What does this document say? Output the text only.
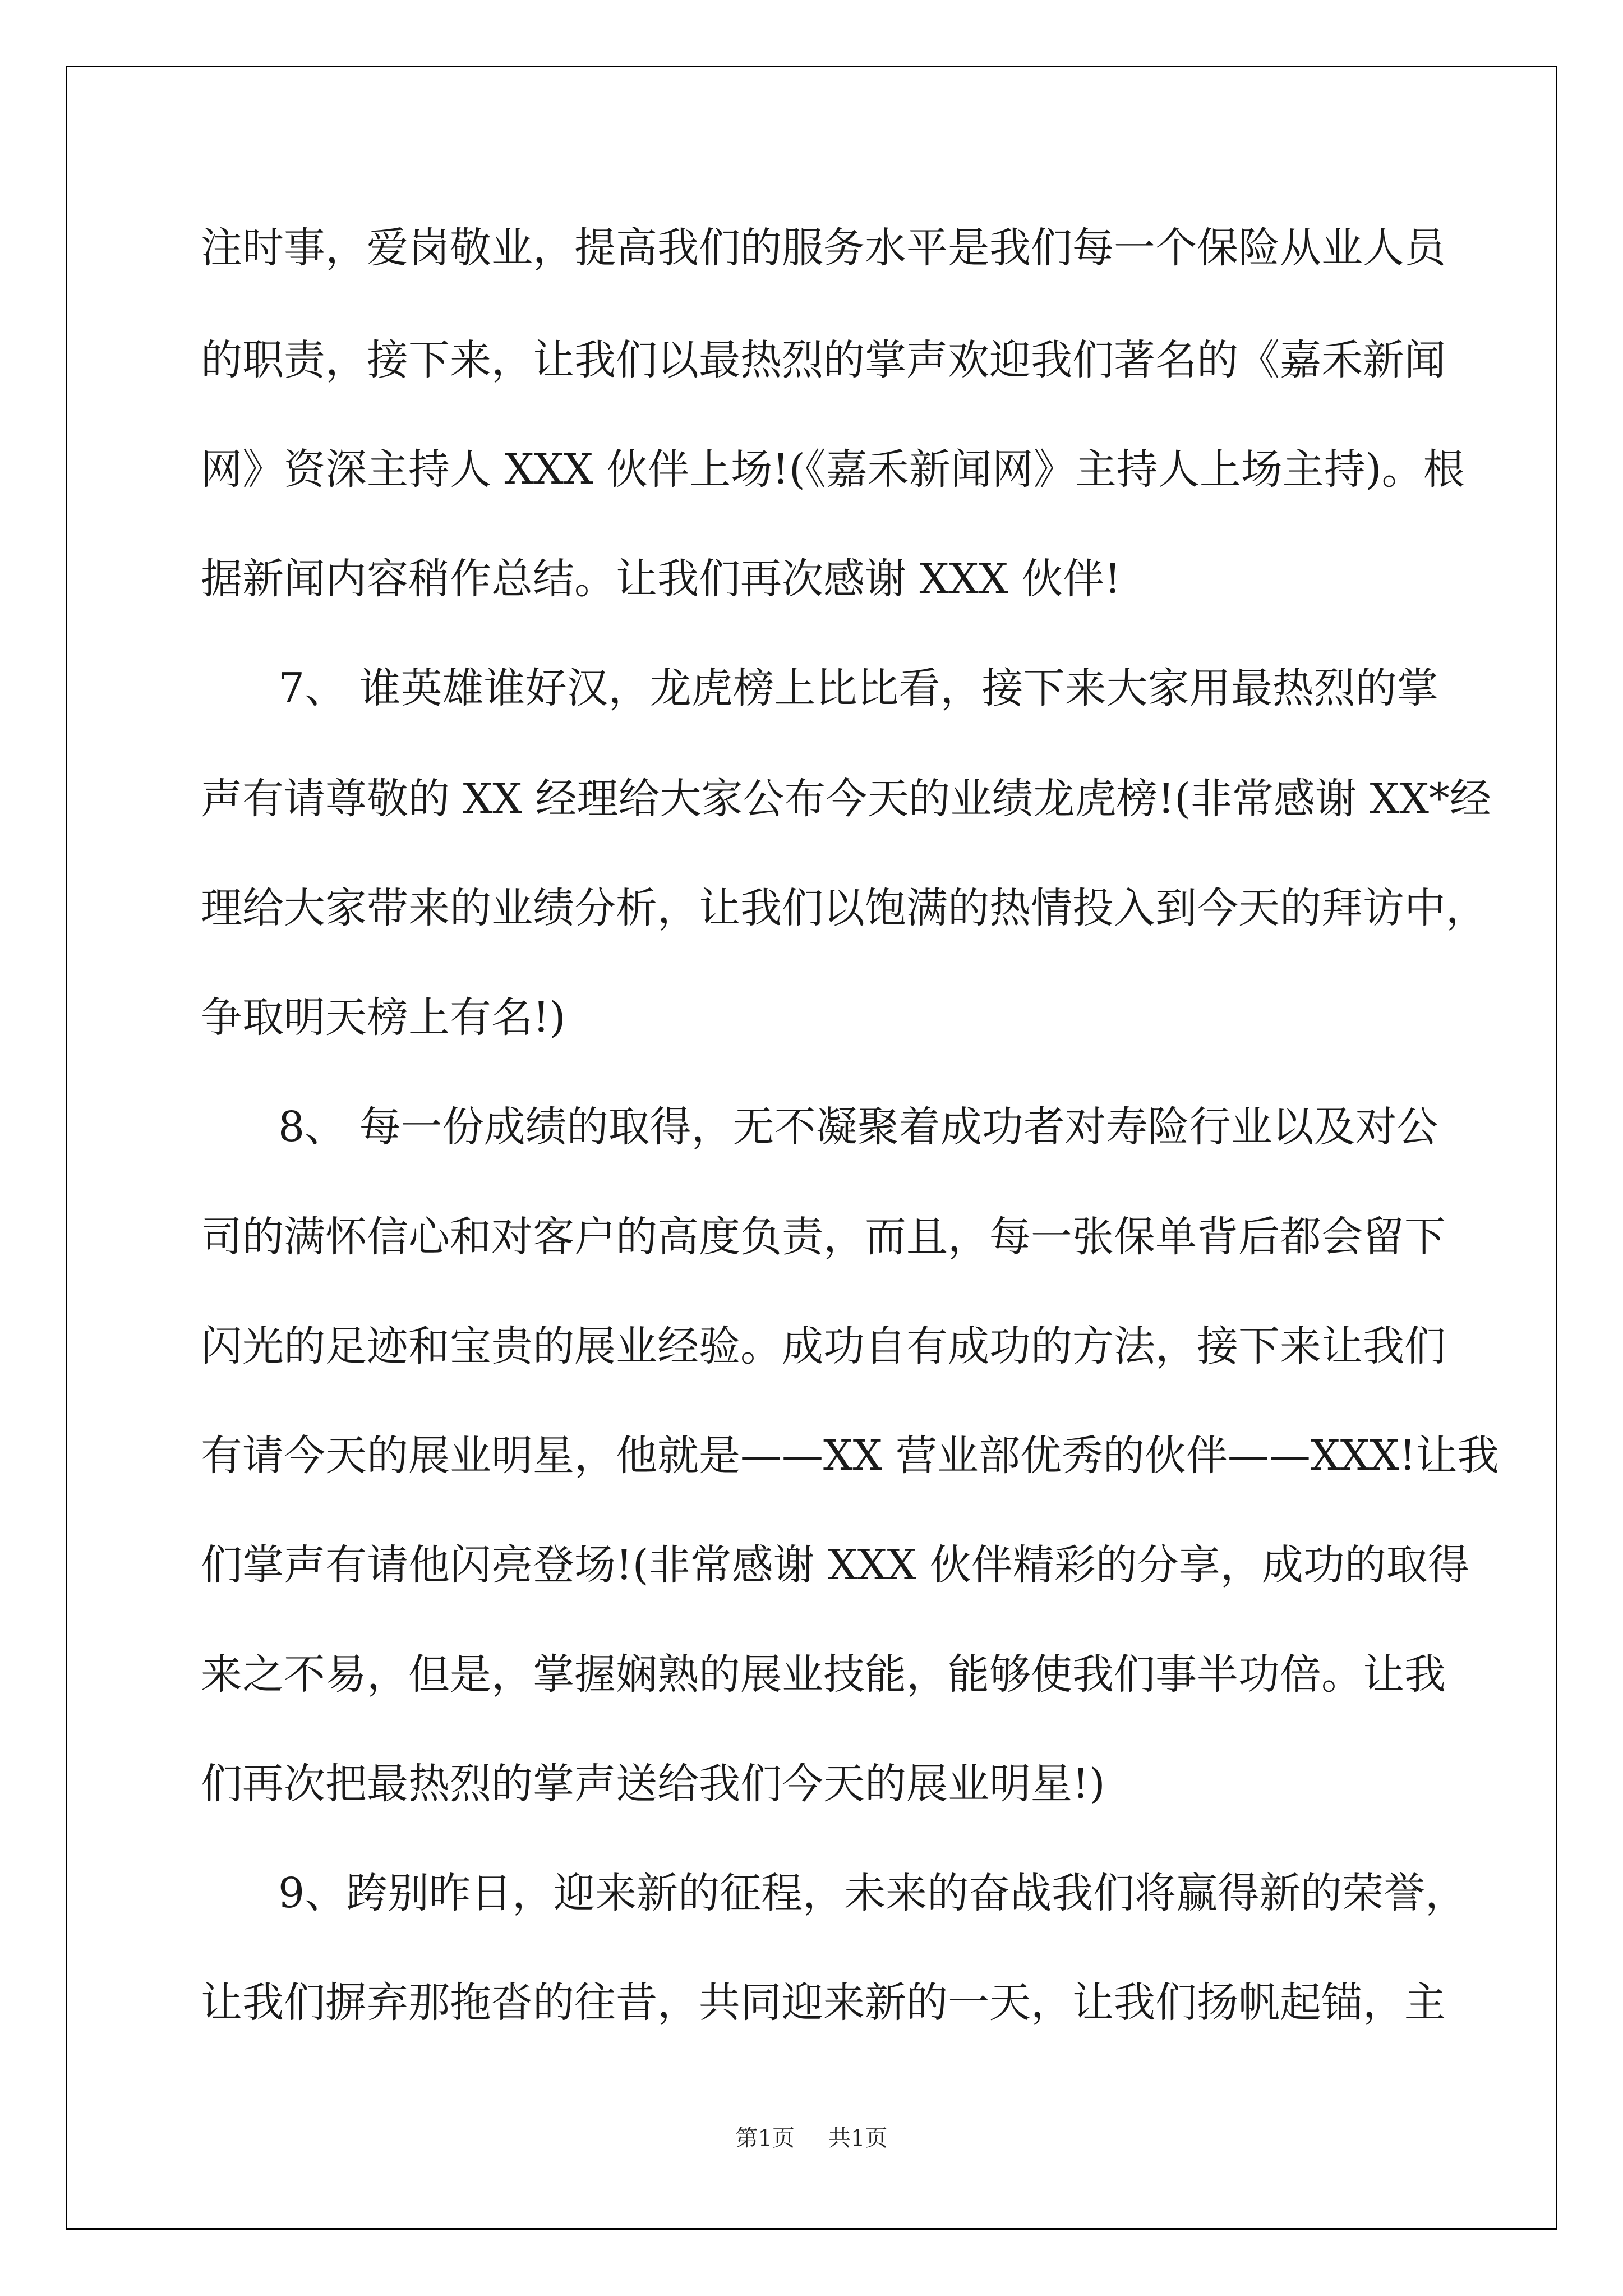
注时事，爱岗敬业，提高我们的服务水平是我们每一个保险从业人员
的职责，接下来，让我们以最热烈的掌声欢迎我们著名的《嘉禾新闻
网》资深主持人 XXX 伙伴上场!(《嘉禾新闻网》主持人上场主持)。根
据新闻内容稍作总结。让我们再次感谢 XXX 伙伴!
7、 谁英雄谁好汉，龙虎榜上比比看，接下来大家用最热烈的掌
声有请尊敬的 XX 经理给大家公布今天的业绩龙虎榜!(非常感谢 XX*经
理给大家带来的业绩分析，让我们以饱满的热情投入到今天的拜访中，
争取明天榜上有名!)
8、 每一份成绩的取得，无不凝聚着成功者对寿险行业以及对公
司的满怀信心和对客户的高度负责，而且，每一张保单背后都会留下
闪光的足迹和宝贵的展业经验。成功自有成功的方法，接下来让我们
有请今天的展业明星，他就是——XX 营业部优秀的伙伴——XXX!让我
们掌声有请他闪亮登场!(非常感谢 XXX 伙伴精彩的分享，成功的取得
来之不易，但是，掌握娴熟的展业技能，能够使我们事半功倍。让我
们再次把最热烈的掌声送给我们今天的展业明星!)
9、跨别昨日，迎来新的征程，未来的奋战我们将赢得新的荣誉，
让我们摒弃那拖沓的往昔，共同迎来新的一天，让我们扬帆起锚，主
第1页 共1页
